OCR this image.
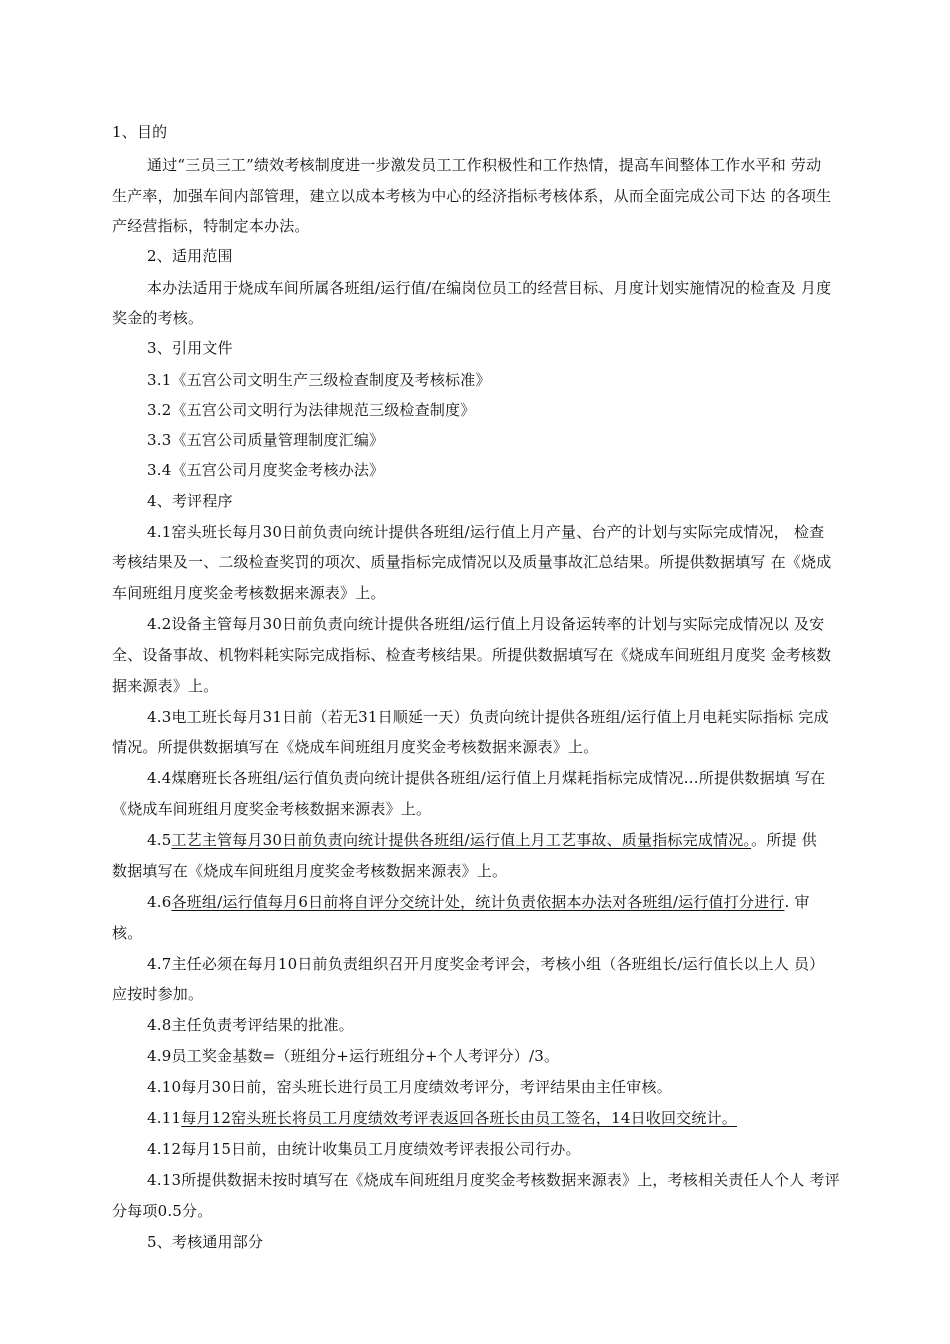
1、目的
通过“三员三工”绩效考核制度进一步激发员工工作积极性和工作热情，提高车间整体工作水平和 劳动
生产率，加强车间内部管理，建立以成本考核为中心的经济指标考核体系，从而全面完成公司下达 的各项生
产经营指标，特制定本办法。
2、适用范围
本办法适用于烧成车间所属各班组/运行值/在编岗位员工的经营目标、月度计划实施情况的检查及 月度
奖金的考核。
3、引用文件
3.1《五宫公司文明生产三级检查制度及考核标准》
3.2《五宫公司文明行为法律规范三级检查制度》
3.3《五宫公司质量管理制度汇编》
3.4《五宫公司月度奖金考核办法》
4、考评程序
4.1窑头班长每月30日前负责向统计提供各班组/运行值上月产量、台产的计划与实际完成情况， 检查
考核结果及一、二级检查奖罚的项次、质量指标完成情况以及质量事故汇总结果。所提供数据填写 在《烧成
车间班组月度奖金考核数据来源表》上。
4.2设备主管每月30日前负责向统计提供各班组/运行值上月设备运转率的计划与实际完成情况以 及安
全、设备事故、机物料耗实际完成指标、检查考核结果。所提供数据填写在《烧成车间班组月度奖 金考核数
据来源表》上。
4.3电工班长每月31日前（若无31日顺延一天）负责向统计提供各班组/运行值上月电耗实际指标 完成
情况。所提供数据填写在《烧成车间班组月度奖金考核数据来源表》上。
4.4煤磨班长各班组/运行值负责向统计提供各班组/运行值上月煤耗指标完成情况…所提供数据填 写在
《烧成车间班组月度奖金考核数据来源表》上。
4.5工艺主管每月30日前负责向统计提供各班组/运行值上月工艺事故、质量指标完成情况。。所提 供
数据填写在《烧成车间班组月度奖金考核数据来源表》上。
4.6各班组/运行值每月6日前将自评分交统计处，统计负责依据本办法对各班组/运行值打分进行. 审
核。
4.7主任必须在每月10日前负责组织召开月度奖金考评会，考核小组（各班组长/运行值长以上人 员）
应按时参加。
4.8主任负责考评结果的批准。
4.9员工奖金基数=（班组分+运行班组分+个人考评分）/3。
4.10每月30日前，窑头班长进行员工月度绩效考评分，考评结果由主任审核。
4.11每月12窑头班长将员工月度绩效考评表返回各班长由员工签名，14日收回交统计。
4.12每月15日前，由统计收集员工月度绩效考评表报公司行办。
4.13所提供数据未按时填写在《烧成车间班组月度奖金考核数据来源表》上，考核相关责任人个人 考评
分每项0.5分。
5、考核通用部分
